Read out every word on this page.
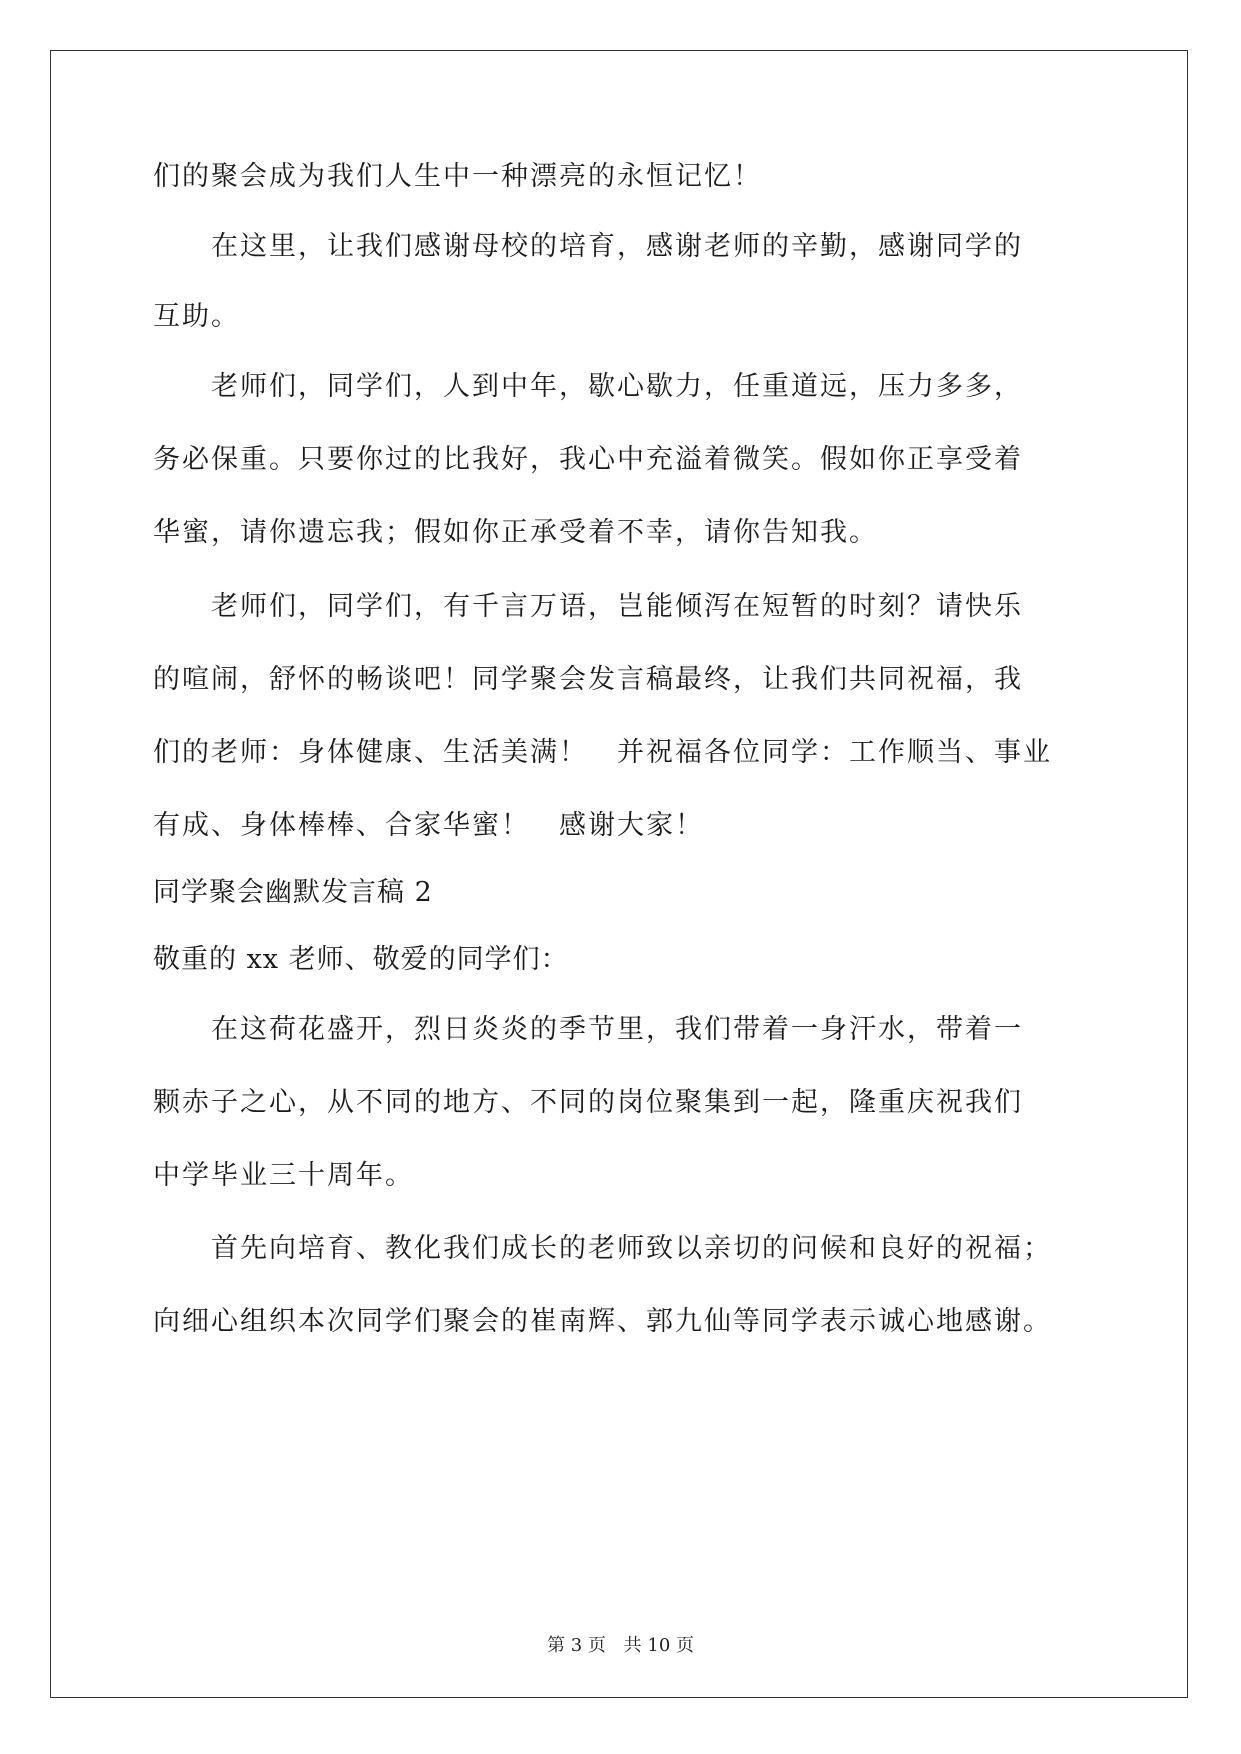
们的聚会成为我们人生中一种漂亮的永恒记忆！
　　在这里，让我们感谢母校的培育，感谢老师的辛勤，感谢同学的
互助。
　　老师们，同学们，人到中年，歇心歇力，任重道远，压力多多，
务必保重。只要你过的比我好，我心中充溢着微笑。假如你正享受着
华蜜，请你遗忘我；假如你正承受着不幸，请你告知我。
　　老师们，同学们，有千言万语，岂能倾泻在短暂的时刻？请快乐
的喧闹，舒怀的畅谈吧！同学聚会发言稿最终，让我们共同祝福，我
们的老师：身体健康、生活美满！　并祝福各位同学：工作顺当、事业
有成、身体棒棒、合家华蜜！　感谢大家！
同学聚会幽默发言稿 2
敬重的 xx 老师、敬爱的同学们：
　　在这荷花盛开，烈日炎炎的季节里，我们带着一身汗水，带着一
颗赤子之心，从不同的地方、不同的岗位聚集到一起，隆重庆祝我们
中学毕业三十周年。
　　首先向培育、教化我们成长的老师致以亲切的问候和良好的祝福；
向细心组织本次同学们聚会的崔南辉、郭九仙等同学表示诚心地感谢。
第 3 页 共 10 页
